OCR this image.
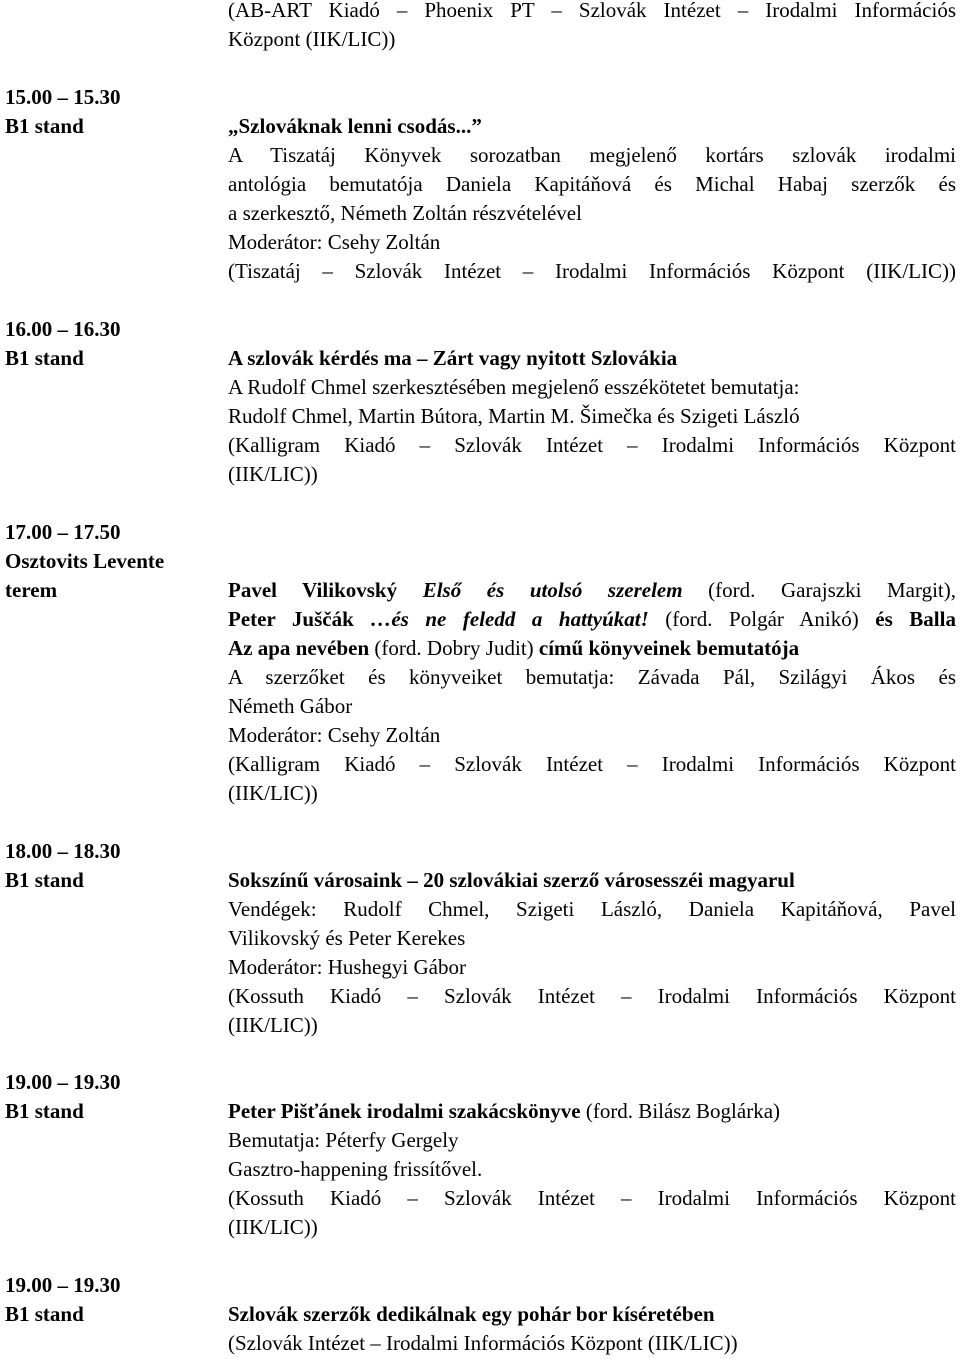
(AB-ART Kiadó – Phoenix PT – Szlovák Intézet – Irodalmi Információs
Központ (IIK/LIC))
15.00 – 15.30
B1 stand	„Szlováknak lenni csodás...”
A Tiszatáj Könyvek sorozatban megjelenő kortárs szlovák irodalmi
antológia bemutatója Daniela Kapitáňová és Michal Habaj szerzők és
a szerkesztő, Németh Zoltán részvételével
Moderátor: Csehy Zoltán
(Tiszatáj – Szlovák Intézet – Irodalmi Információs Központ (IIK/LIC))
16.00 – 16.30
B1 stand	A szlovák kérdés ma – Zárt vagy nyitott Szlovákia
A Rudolf Chmel szerkesztésében megjelenő esszékötetet bemutatja:
Rudolf Chmel, Martin Bútora, Martin M. Šimečka és Szigeti László
(Kalligram Kiadó – Szlovák Intézet – Irodalmi Információs Központ
(IIK/LIC))
17.00 – 17.50
Osztovits Levente
terem	Pavel Vilikovský Első és utolsó szerelem (ford. Garajszki Margit),
Peter Juščák …és ne feledd a hattyúkat! (ford. Polgár Anikó) és Balla
Az apa nevében (ford. Dobry Judit) című könyveinek bemutatója
A szerzőket és könyveiket bemutatja: Závada Pál, Szilágyi Ákos és
Németh Gábor
Moderátor: Csehy Zoltán
(Kalligram Kiadó – Szlovák Intézet – Irodalmi Információs Központ
(IIK/LIC))
18.00 – 18.30
B1 stand	Sokszínű városaink – 20 szlovákiai szerző városesszéi magyarul
Vendégek: Rudolf Chmel, Szigeti László, Daniela Kapitáňová, Pavel
Vilikovský és Peter Kerekes
Moderátor: Hushegyi Gábor
(Kossuth Kiadó – Szlovák Intézet – Irodalmi Információs Központ
(IIK/LIC))
19.00 – 19.30
B1 stand	Peter Pišťánek irodalmi szakácskönyve (ford. Bilász Boglárka)
Bemutatja: Péterfy Gergely
Gasztro-happening frissítővel.
(Kossuth Kiadó – Szlovák Intézet – Irodalmi Információs Központ
(IIK/LIC))
19.00 – 19.30
B1 stand	Szlovák szerzők dedikálnak egy pohár bor kíséretében
(Szlovák Intézet – Irodalmi Információs Központ (IIK/LIC))
